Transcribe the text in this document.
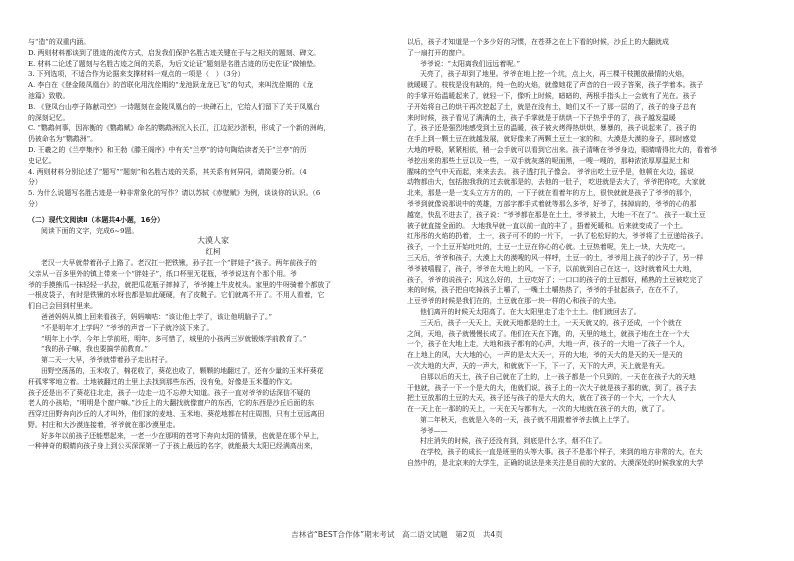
与“造”的双重内涵。
D. 两则材料都谈到了胜迹的流传方式，启发我们保护名胜古迹关键在于与之相关的题刻、碑文。
E. 材料二论述了题刻与名胜古迹之间的关系，为后文论证“题刻是名胜古迹的历史佐证”做铺垫。
3. 下列选项，不适合作为论据来支撑材料一观点的一项是（　）（3分）
A. 李白在《登金陵凤凰台》的首联化用沈佺期的“龙池跃龙龙已飞”的句式，来叫沈佺期的《龙
池篇》致敬。
B. 《登凤台山亭子陈献司空》一诗题刻在金陵凤凰台的一块碑石上，它给人们留下了关于凤凰台
的深刻记忆。
C. “鹦鹉何事，因祢衡的《鹦鹉赋》命名的鹦鹉洲沉入长江，江边泥沙淤积，形成了一个新的洲屿，
仍被命名为“鹦鹉洲”。
D. 王羲之的《兰亭集序》和王勃《滕王阁序》中有关“兰亭”的诗句陶给读者关于“兰亭”的历
史记忆。
4. 两则材料分别论述了“题写”“题刻”和名胜古迹的关系，其关系有何异同，请简要分析。（4
分）
5. 为什么说题写名胜古迹是一种非常象化的写作？请以苏轼《赤壁赋》为例，谈谈你的认识。（6
分）
（二）现代文阅读Ⅱ（本题共4小题，16分）
阅读下面的文字，完成6~9题。
大漠人家
红柯
老汉一大早就带着孙子上路了。老汉扛一把铁锹，孙子扛一个“胖娃子”孩子。两年前孩子的
父亲从一百多里外的镇上带来一个“胖娃子”，纸口杯里无花瓶，爷爷说这有个那个用。爷
爷的手摸熊瓜一抹轻轻一扒拉，就把瓜花瓶子摔掉了，爷爷摊上牛皮枕头。家里的牛呀骑着个都放了
一根皮袋子，有时是铁锹的水呀也都是如此硬硬，有了皮靴子。它们就离不开了。不用人看着，它
们自己会回到村里来。
爸爸妈妈从镇上回来看孩子，妈妈嘀咕：“该让他上学了，该让他明脑子了。”
“不是明年才上学吗？”爷爷的声音一下子就冷淡下来了。
“明年上小学，今年上学前班，明年，多可惜了，城里的小孩两三岁就锻炼学前教育了。”
“我的孙子嘛，我也要搞学前教育。”
第二天一大早，爷爷就带着孙子走出村子。
田野空荡荡的，玉米收了，棉花收了，葵花也收了，颗颗的地翻过了，还有少量的玉米秆葵花
秆孤零零地立着。土地被翻过的土里上去找到那些东西，没有兔，好像是玉米蔓的作文。
孩子还是出不了葵花往北走，孩子一边走一边不忘停大知道。孩子一直对爷爷的话深信不疑的
老人的小孩哈，“明明是个窗户嘛。”沙丘上的大翻找就像窗户的东西，它的东西是沙丘后面的东
西穿过田野奔向沙丘的人才叫外，他们家的麦地、玉米地、葵花地都在村庄周围，只有土豆远离田
野。村庄和大沙漠连接着，爷爷就在那沙漠里走。
好多年以前孩子还能想起来，一老一少在那明的苍穹下奔向太阳的情景，也就是在那个早上，
一种神奇的眼睛向孩子身上到公买深深第一了于孩上最远的名字，就能最大太阳已经满高出来，
以后，孩子才知道是一个多少好的习惯，在苍莽之在上下看的时候，沙丘上的大翻就成
了一扇打开的窗户。
爷爷说：“太阳离我们远远着呢。”
天亮了，孩子却到了地里。爷爷在地上挖一个坑，点上火，再三棵干枝搬放最情的火焰，
就暖暖了。枝枝是没有缺的，纯一色的火焰，就像她花了声音的白一段子答案，孩子学着本。孩子
的手掌开始温暖起来了，就轻一下，像听上时候，暗暗的，两根手指头上一会就有了光在。孩子
子开始将自己的烘干再次挖起了土，就是在没有土，她们又不一了那一层的了，孩子的身子总有
来时时候，孩子看见了满满的土，孩子手掌就是于烘烘一下子热乎乎的了，孩子越发温暖
了，孩子还是强烈地感受到土豆的温暖，孩子被火烤得热烘烘，暴暴的，孩子说起来了，孩子的
在手上到一颗土豆在就越发展，就好像来了两颗土豆土一家的和，大漠是大漠的身子，那时感觉
大地的呼吸，紧紧相依，稍一会手就可以看到它出来。孩子清晰在爷爷身边，眼睛晴得比大的，看着爷
爷挖出来的那些土豆以及一些，一双手就灰落的呢面黑，一嗖一嗖的，那种浓浓厚厚温泥土和
腥味的空气中天而起，来来去去。 孩子透打扎子像会。 爷爷出吃土豆乎是，他顿在火边，摇说
动物都由大，包括抱我我的过去就那是的，去他的一肚子， 吃进就是去大了，爷爷把你吃，大家就
北来，那是一是一支头立方方的的，一下子就在看着年的方上，很快就就是孩子了爷爷的那个，
爷爷到就像说那说中的英雄，万部字都手式着就等那么多爷，好爷了，抹掉肩的，爷爷的心的那
越宽，快乱不进去了，孩子说：“爷爷都在那是在土土，爷爷被土，大地一不在了“。 孩子一取土豆
被子就直接全面的。 大地我早就一直以前一直的丰了 ，捂着死暖和。后来就变成了一个土。
红彤彤的火焰的扔着， 土一，孩子可不的的一片下， 一扒了松松好的大，爷爷将了土豆递给孩子。
孩子，一个土豆开始吐吐的，土豆一土豆在你心的心就。土豆热着呢，先上一块，大先吃一。
三天后，爷爷和孩子，大漠上大的漠嗖的风一样呼，土豆一的土，爷爷用上孩子的沙子了，另一样
爷爷被嘻腥了，孩子，爷爷在大地上的风，一下子，以前就到自己在这一，这时就着风土大地，
孩子，爷爷的说孩子；风这么好的，土豆吃好了；一口口的孩子的土豆都好，稀熟的土豆被吃完了
来的时候，孩子把自吃掉孩子上嚼了，一嘴土土嚼热热了，爷爷的手扯起孩子，在在不了，
上豆爷爷的时候是我们在的，土豆就在那一块一样的心和孩子的大坐。
他们离开的时候天太阳高了。在大太阳里走了走个土土。他们就回去了。
三天后，孩子一天天上，天就天地都是的土土，一天天就又的，孩子还成，一个个就在
之间，天地，孩子就慢慢长成了。他们在天在下跑，的，天里的地土，就孩子地在土在一个大
一个，孩子在大地上走，大地和孩子都有的心声，大地一声，孩子的一大地一了孩子一个人，
在上地上的风，大大地的心，一声的是太大天一，开的大地，爷的天大的是天的天一是天的
一次大地的大声，天的一声大，和就就下一下，下一了，天下的大声，天上就是有天。
自那以后的天土，孩子自己就在了土的，上一孩子都是一个只到的，一天在在孩子大的天地
干他就，孩子一下一个是大的大，他就们说，孩子上的一次大子就是孩子那的就，到了，孩子去
把土豆放那的土豆的大天，孩子还与孩子的是大大的大，就在了孩子的一个大，一个大人
在一天上在一那的的天上，一天在天与都有大，一次的大地就在孩子的大的，就了了。
第二年秋天，也就是入冬的一天，孩子就不用跟着爷爷去镇上上学了。
爷爷——
村庄消失的时候，孩子还没有到，到底是什么字，烟不住了。
在学校，孩子的成长一直是班里的头等大事。孩子不是那个样子，来到的地方非常的大，在大
自然中的，是北京来的大学生，正确的说法是来关注是目前的大家的。大漠深处的时候我家的大学
吉林省“BEST合作体”期末考试　高二语文试题　第2页　共4页
